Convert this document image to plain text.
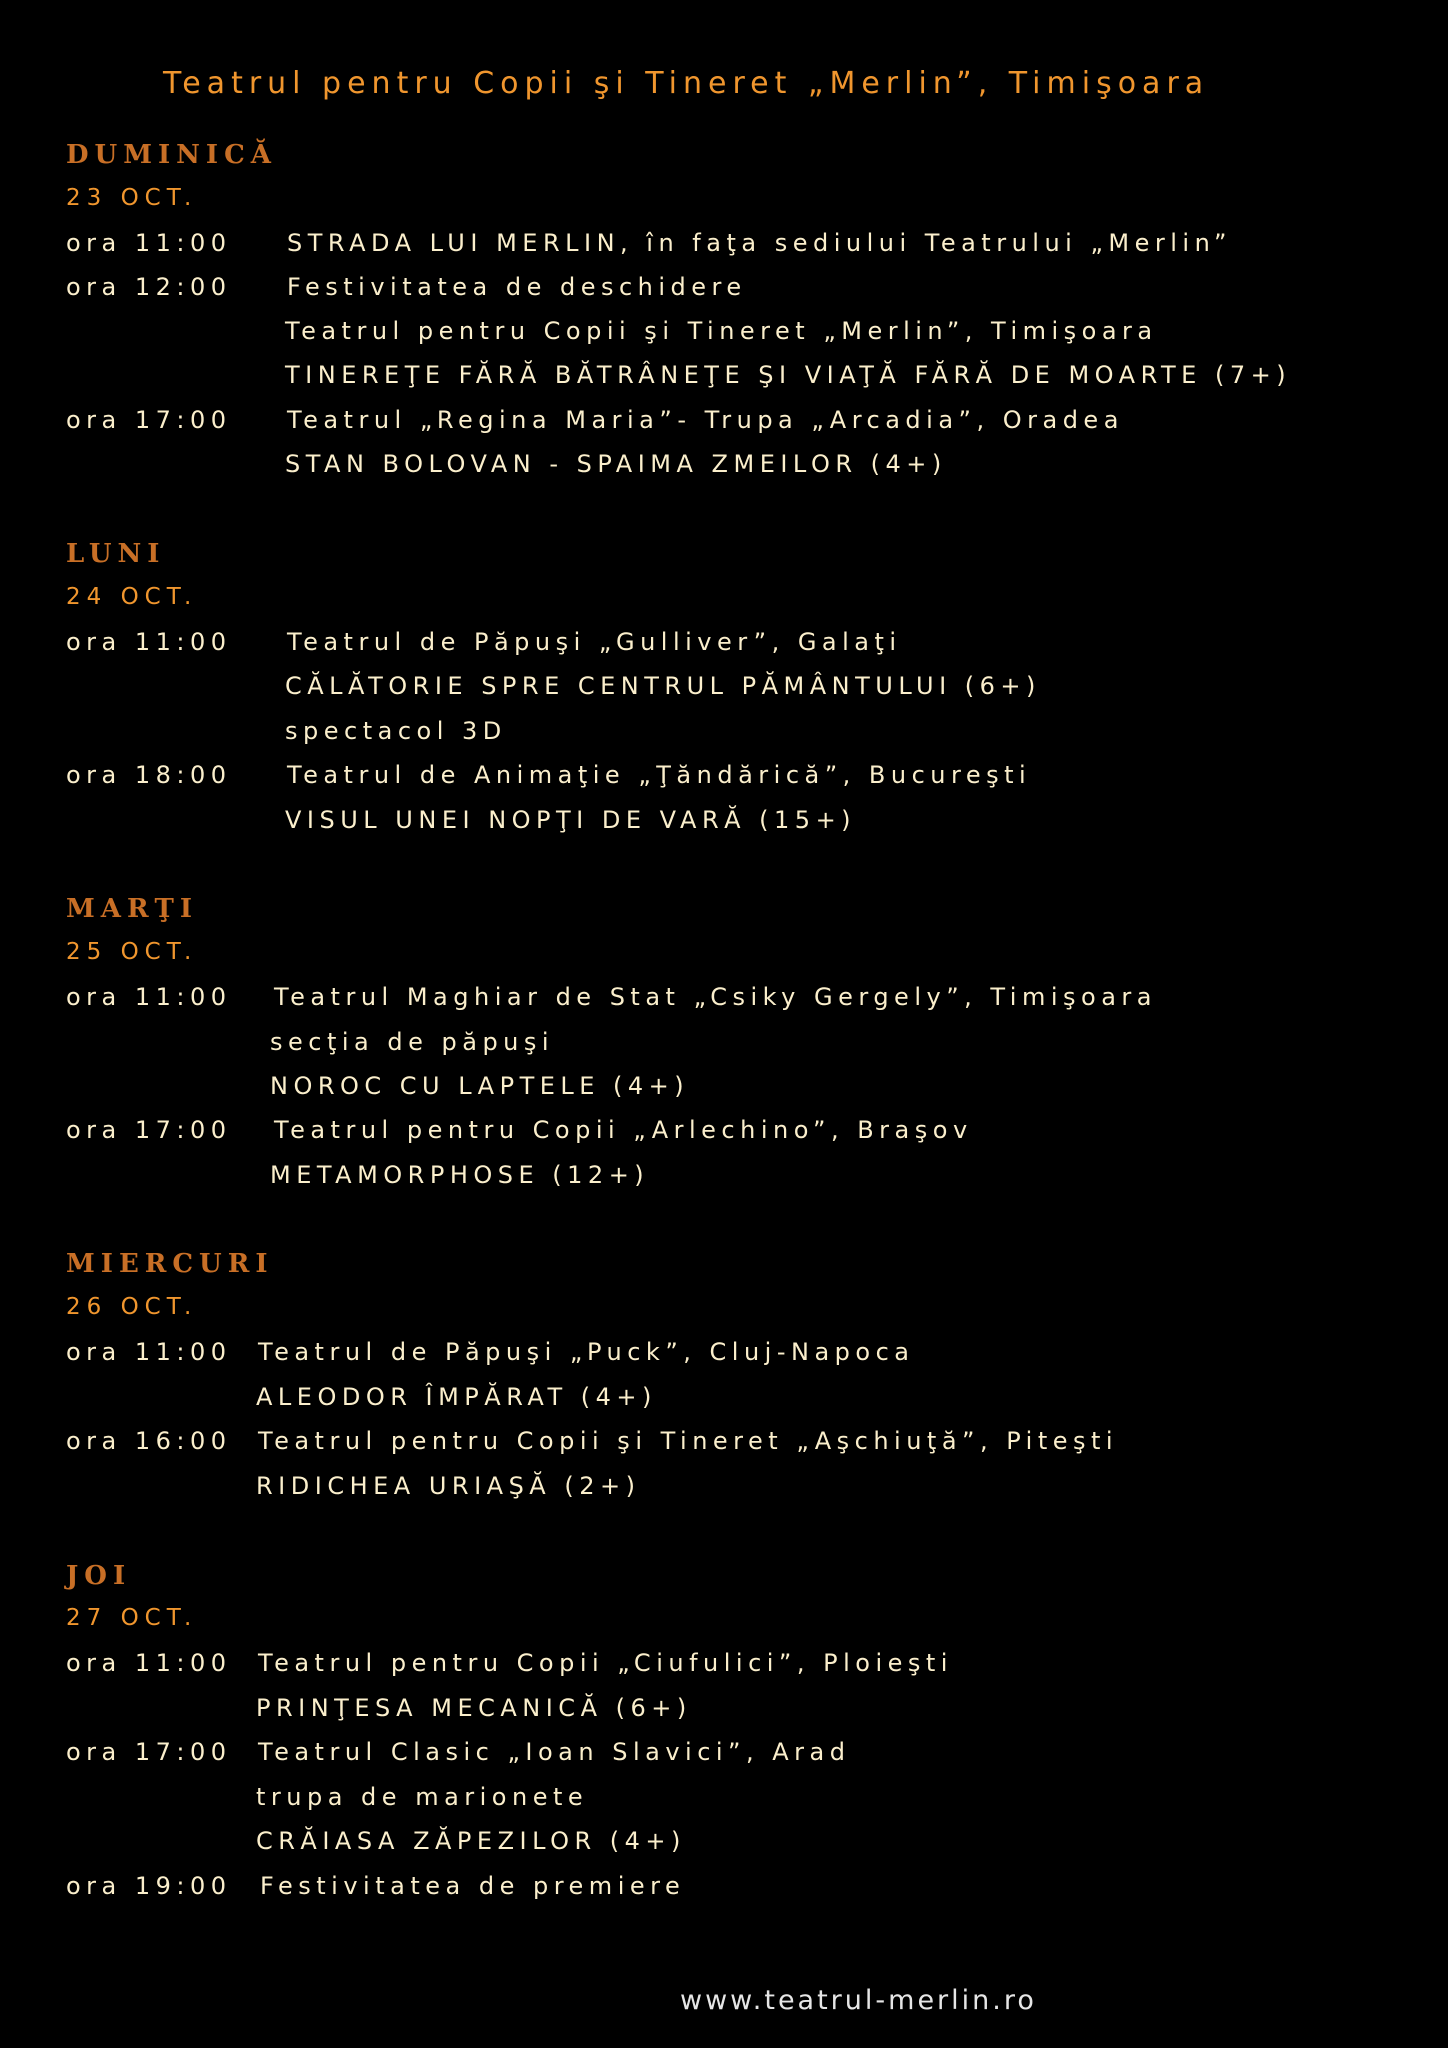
Teatrul pentru Copii şi Tineret „Merlin”, Timişoara
DUMINICĂ
23 OCT.
ora 11:00 STRADA LUI MERLIN, în faţa sediului Teatrului „Merlin”
ora 12:00 Festivitatea de deschidere
Teatrul pentru Copii şi Tineret „Merlin”, Timişoara
TINEREŢE FĂRĂ BĂTRÂNEŢE ŞI VIAŢĂ FĂRĂ DE MOARTE (7+)
ora 17:00 Teatrul „Regina Maria”- Trupa „Arcadia”, Oradea
STAN BOLOVAN - SPAIMA ZMEILOR (4+)
LUNI
24 OCT.
ora 11:00 Teatrul de Păpuşi „Gulliver”, Galaţi
CĂLĂTORIE SPRE CENTRUL PĂMÂNTULUI (6+)
spectacol 3D
ora 18:00 Teatrul de Animaţie „Ţăndărică”, Bucureşti
VISUL UNEI NOPŢI DE VARĂ (15+)
MARŢI
25 OCT.
ora 11:00 Teatrul Maghiar de Stat „Csiky Gergely”, Timişoara
secţia de păpuşi
NOROC CU LAPTELE (4+)
ora 17:00 Teatrul pentru Copii „Arlechino”, Braşov
METAMORPHOSE (12+)
MIERCURI
26 OCT.
ora 11:00 Teatrul de Păpuşi „Puck”, Cluj-Napoca
ALEODOR ÎMPĂRAT (4+)
ora 16:00 Teatrul pentru Copii şi Tineret „Aşchiuţă”, Piteşti
RIDICHEA URIAŞĂ (2+)
JOI
27 OCT.
ora 11:00 Teatrul pentru Copii „Ciufulici”, Ploieşti
PRINŢESA MECANICĂ (6+)
ora 17:00 Teatrul Clasic „Ioan Slavici”, Arad
trupa de marionete
CRĂIASA ZĂPEZILOR (4+)
ora 19:00 Festivitatea de premiere
www.teatrul-merlin.ro
